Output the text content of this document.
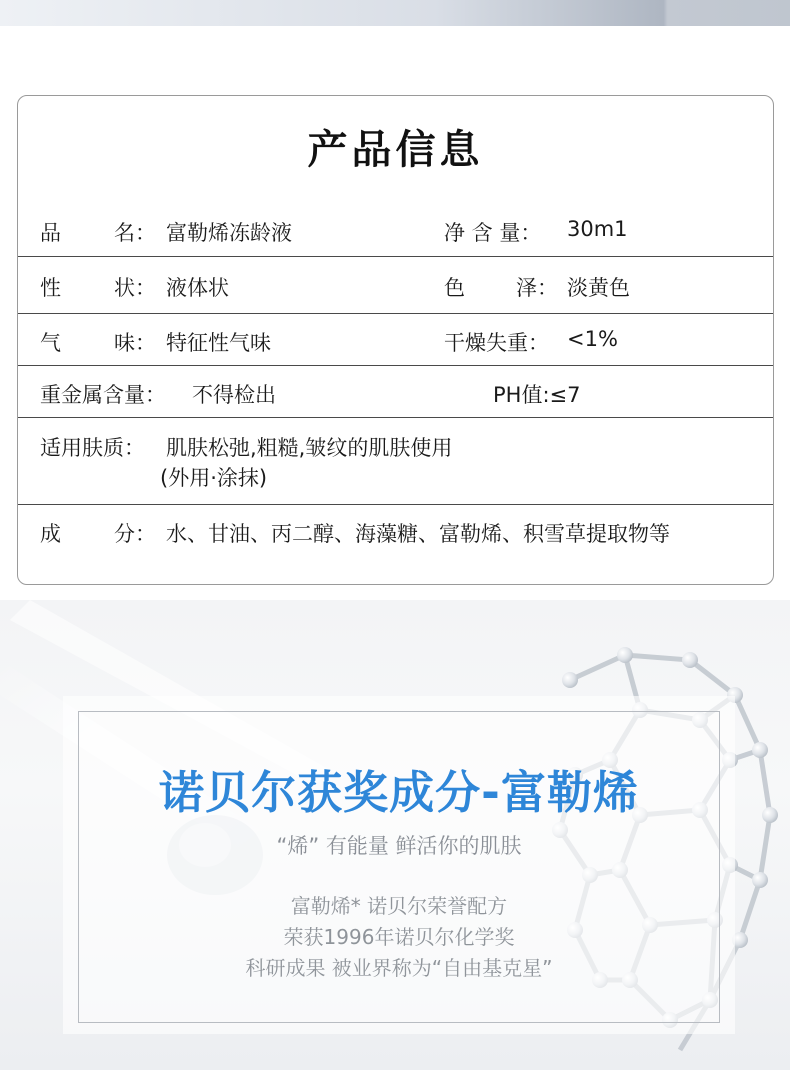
产品信息
品	名： 富勒烯冻龄液	净 含 量： 30m1
性	状： 液体状	色 泽： 淡黄色
气	味： 特征性气味	干燥失重： <1%
重金属含量： 不得检出	PH值:≤7
适用肤质： 肌肤松弛,粗糙,皱纹的肌肤使用
(外用·涂抹)
成	分： 水、甘油、丙二醇、海藻糖、富勒烯、积雪草提取物等
诺贝尔获奖成分-富勒烯

“烯” 有能量 鲜活你的肌肤

富勒烯* 诺贝尔荣誉配方

荣获1996年诺贝尔化学奖

科研成果 被业界称为“自由基克星”
